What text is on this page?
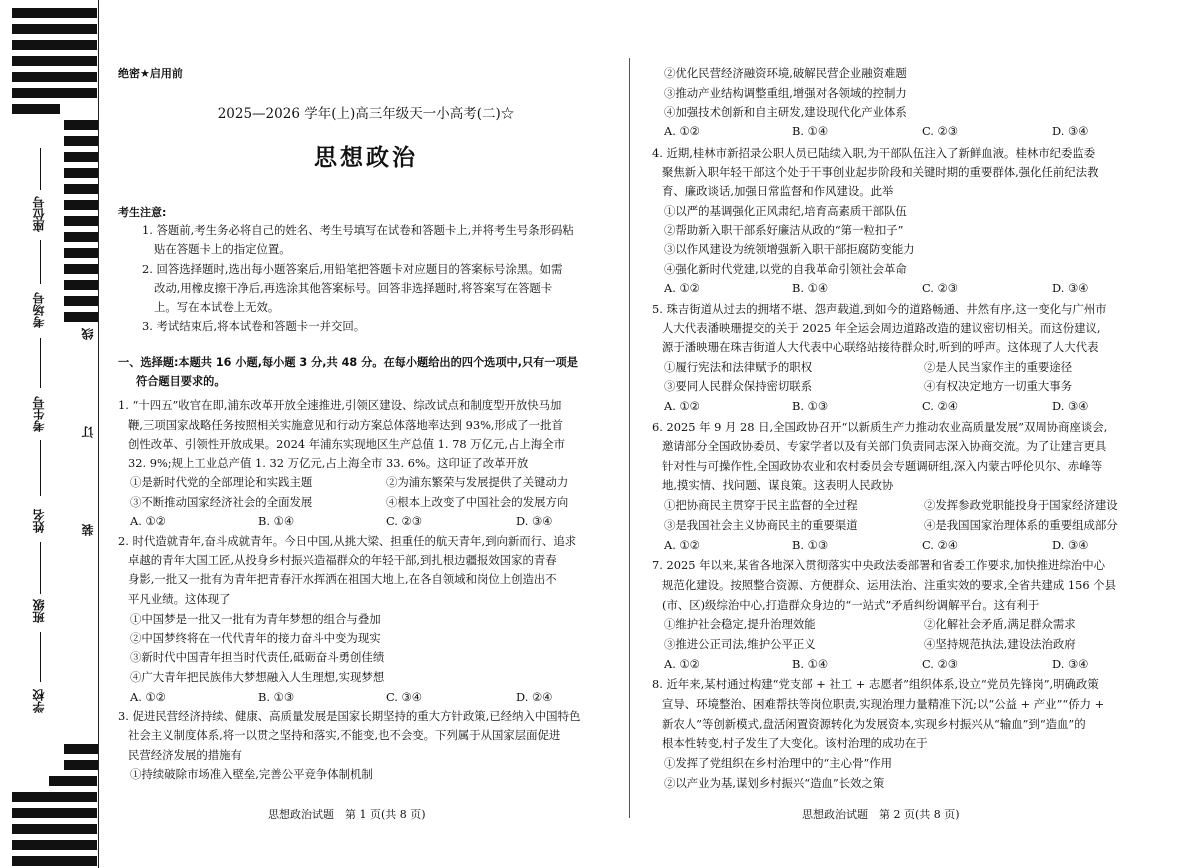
座位号
考场号
考生号
姓名
班级
学校
线
订
装
绝密★启用前
2025—2026 学年(上)高三年级天一小高考(二)☆
思想政治
考生注意:
1. 答题前,考生务必将自己的姓名、考生号填写在试卷和答题卡上,并将考生号条形码粘
贴在答题卡上的指定位置。
2. 回答选择题时,选出每小题答案后,用铅笔把答题卡对应题目的答案标号涂黑。如需
改动,用橡皮擦干净后,再选涂其他答案标号。回答非选择题时,将答案写在答题卡
上。写在本试卷上无效。
3. 考试结束后,将本试卷和答题卡一并交回。
一、选择题:本题共 16 小题,每小题 3 分,共 48 分。在每小题给出的四个选项中,只有一项是
符合题目要求的。
1. “十四五”收官在即,浦东改革开放全速推进,引领区建设、综改试点和制度型开放快马加
鞭,三项国家战略任务按照相关实施意见和行动方案总体落地率达到 93%,形成了一批首
创性改革、引领性开放成果。2024 年浦东实现地区生产总值 1. 78 万亿元,占上海全市
32. 9%;规上工业总产值 1. 32 万亿元,占上海全市 33. 6%。这印证了改革开放
①是新时代党的全部理论和实践主题	②为浦东繁荣与发展提供了关键动力
③不断推动国家经济社会的全面发展	④根本上改变了中国社会的发展方向
A. ①②	B. ①④	C. ②③	D. ③④
2. 时代造就青年,奋斗成就青年。今日中国,从挑大梁、担重任的航天青年,到向新而行、追求
卓越的青年大国工匠,从投身乡村振兴造福群众的年轻干部,到扎根边疆报效国家的青春
身影,一批又一批有为青年把青春汗水挥洒在祖国大地上,在各自领域和岗位上创造出不
平凡业绩。这体现了
①中国梦是一批又一批有为青年梦想的组合与叠加
②中国梦终将在一代代青年的接力奋斗中变为现实
③新时代中国青年担当时代责任,砥砺奋斗勇创佳绩
④广大青年把民族伟大梦想融入人生理想,实现梦想
A. ①②	B. ①③	C. ③④	D. ②④
3. 促进民营经济持续、健康、高质量发展是国家长期坚持的重大方针政策,已经纳入中国特色
社会主义制度体系,将一以贯之坚持和落实,不能变,也不会变。下列属于从国家层面促进
民营经济发展的措施有
①持续破除市场准入壁垒,完善公平竞争体制机制
思想政治试题　第 1 页(共 8 页)
②优化民营经济融资环境,破解民营企业融资难题
③推动产业结构调整重组,增强对各领域的控制力
④加强技术创新和自主研发,建设现代化产业体系
A. ①②	B. ①④	C. ②③	D. ③④
4. 近期,桂林市新招录公职人员已陆续入职,为干部队伍注入了新鲜血液。桂林市纪委监委
聚焦新入职年轻干部这个处于干事创业起步阶段和关键时期的重要群体,强化任前纪法教
育、廉政谈话,加强日常监督和作风建设。此举
①以严的基调强化正风肃纪,培育高素质干部队伍
②帮助新入职干部系好廉洁从政的“第一粒扣子”
③以作风建设为统领增强新入职干部拒腐防变能力
④强化新时代党建,以党的自我革命引领社会革命
A. ①②	B. ①④	C. ②③	D. ③④
5. 珠吉街道从过去的拥堵不堪、怨声载道,到如今的道路畅通、井然有序,这一变化与广州市
人大代表潘映珊提交的关于 2025 年全运会周边道路改造的建议密切相关。而这份建议,
源于潘映珊在珠吉街道人大代表中心联络站接待群众时,听到的呼声。这体现了人大代表
①履行宪法和法律赋予的职权	②是人民当家作主的重要途径
③要同人民群众保持密切联系	④有权决定地方一切重大事务
A. ①②	B. ①③	C. ②④	D. ③④
6. 2025 年 9 月 28 日,全国政协召开“以新质生产力推动农业高质量发展”双周协商座谈会,
邀请部分全国政协委员、专家学者以及有关部门负责同志深入协商交流。为了让建言更具
针对性与可操作性,全国政协农业和农村委员会专题调研组,深入内蒙古呼伦贝尔、赤峰等
地,摸实情、找问题、谋良策。这表明人民政协
①把协商民主贯穿于民主监督的全过程	②发挥参政党职能投身于国家经济建设
③是我国社会主义协商民主的重要渠道	④是我国国家治理体系的重要组成部分
A. ①②	B. ①③	C. ②④	D. ③④
7. 2025 年以来,某省各地深入贯彻落实中央政法委部署和省委工作要求,加快推进综治中心
规范化建设。按照整合资源、方便群众、运用法治、注重实效的要求,全省共建成 156 个县
(市、区)级综治中心,打造群众身边的“一站式”矛盾纠纷调解平台。这有利于
①维护社会稳定,提升治理效能	②化解社会矛盾,满足群众需求
③推进公正司法,维护公平正义	④坚持规范执法,建设法治政府
A. ①②	B. ①④	C. ②③	D. ③④
8. 近年来,某村通过构建“党支部 + 社工 + 志愿者”组织体系,设立“党员先锋岗”,明确政策
宣导、环境整治、困难帮扶等岗位职责,实现治理力量精准下沉;以“公益 + 产业”“侨力 +
新农人”等创新模式,盘活闲置资源转化为发展资本,实现乡村振兴从“输血”到“造血”的
根本性转变,村子发生了大变化。该村治理的成功在于
①发挥了党组织在乡村治理中的“主心骨”作用
②以产业为基,谋划乡村振兴“造血”长效之策
思想政治试题　第 2 页(共 8 页)
